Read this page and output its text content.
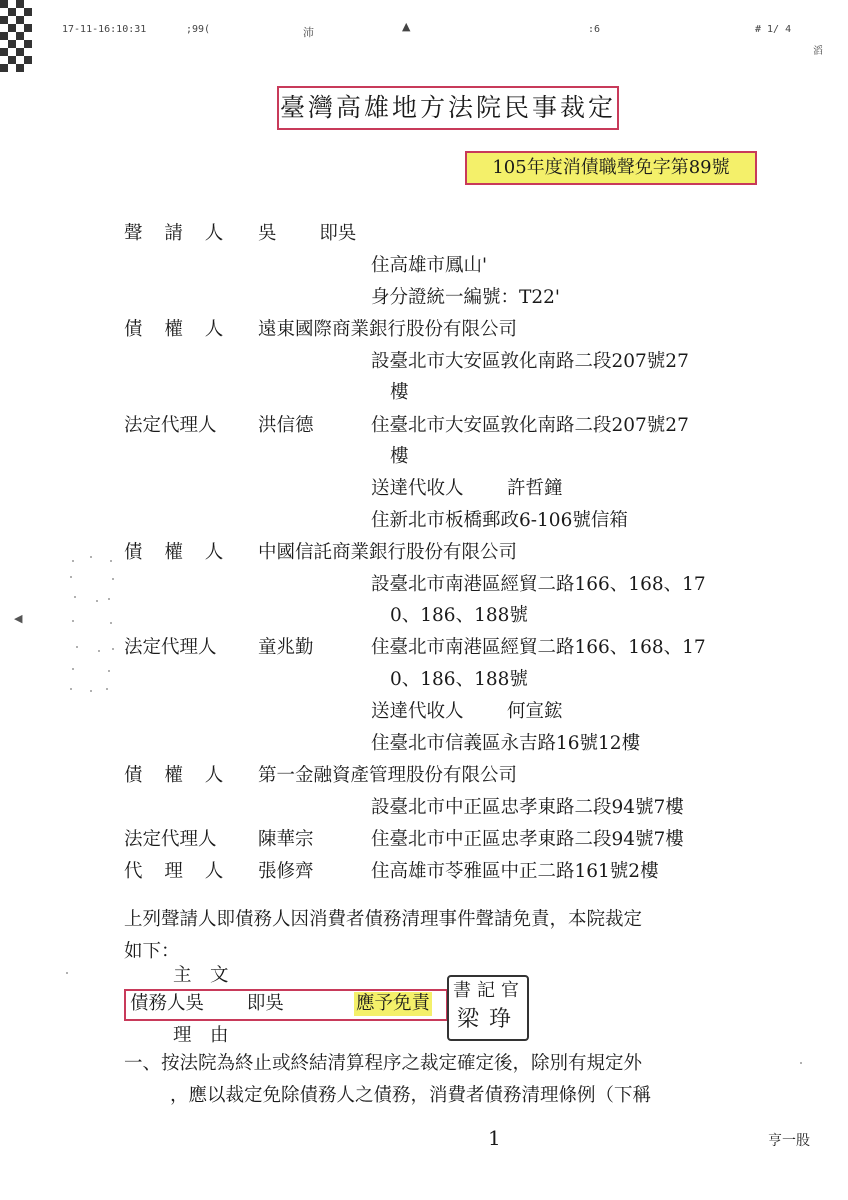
17-11-16:10:31	;99(	沛	▲	:6	# 1/ 4
滔
臺灣高雄地方法院民事裁定
105年度消債職聲免字第89號
聲 請 人 吳　　 即吳
住高雄市鳳山'
身分證統一編號：T22'
債 權 人 遠東國際商業銀行股份有限公司
設臺北市大安區敦化南路二段207號27
樓
法定代理人 洪信德	住臺北市大安區敦化南路二段207號27
樓
送達代收人 許哲鐘
住新北市板橋郵政6-106號信箱
債 權 人 中國信託商業銀行股份有限公司
設臺北市南港區經貿二路166、168、17
0、186、188號
法定代理人 童兆勤	住臺北市南港區經貿二路166、168、17
0、186、188號
送達代收人 何宣鋐
住臺北市信義區永吉路16號12樓
債 權 人 第一金融資產管理股份有限公司
設臺北市中正區忠孝東路二段94號7樓
法定代理人 陳華宗	住臺北市中正區忠孝東路二段94號7樓
代 理 人 張修齊	住高雄市苓雅區中正二路161號2樓
上列聲請人即債務人因消費者債務清理事件聲請免責，本院裁定
如下：
主　文
債務人吳　　 即吳	應予免責
書 記 官
梁 琤
理　由
一、按法院為終止或終結清算程序之裁定確定後，除別有規定外
，應以裁定免除債務人之債務，消費者債務清理條例（下稱
1	亨一股
◀
